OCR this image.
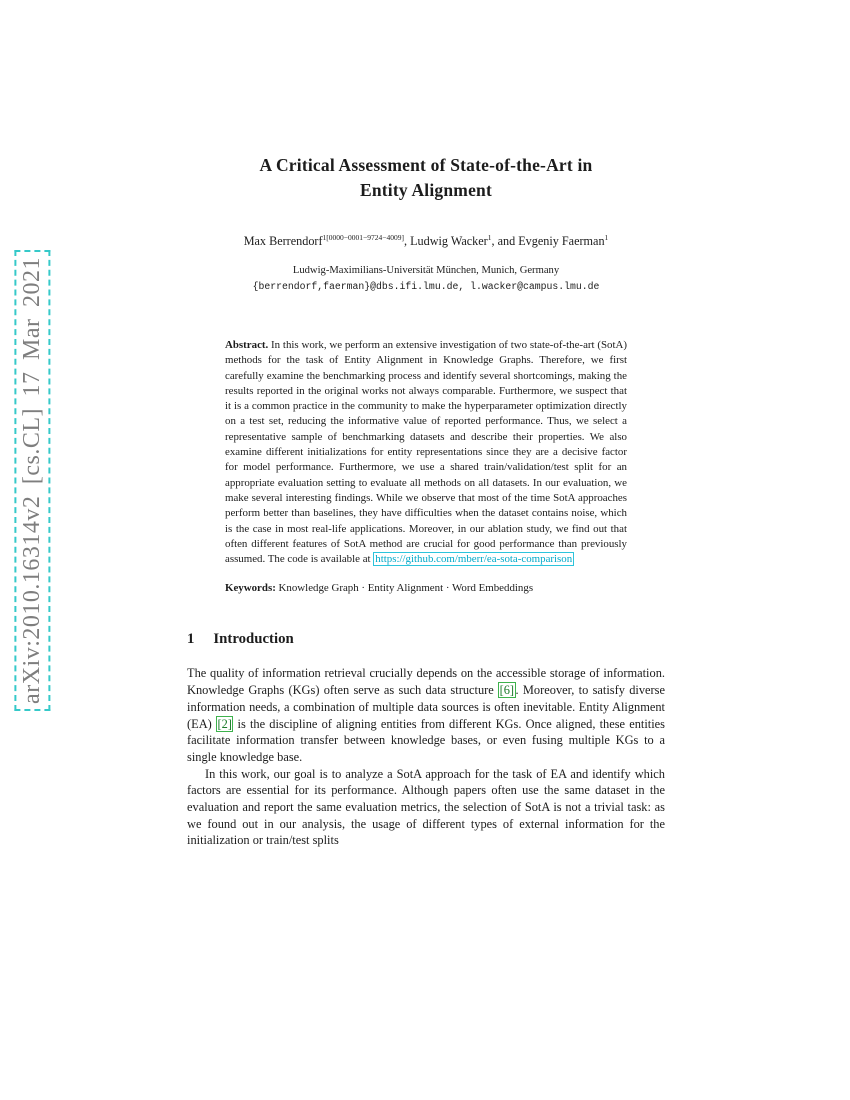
arXiv:2010.16314v2 [cs.CL] 17 Mar 2021
A Critical Assessment of State-of-the-Art in
Entity Alignment
Max Berrendorf$^{1[0000-0001-9724-4009]}$, Ludwig Wacker$^1$, and Evgeniy Faerman$^1$
Ludwig-Maximilians-Universität München, Munich, Germany
{berrendorf,faerman}@dbs.ifi.lmu.de, l.wacker@campus.lmu.de

Abstract. In this work, we perform an extensive investigation of two state-of-the-art (SotA) methods for the task of Entity Alignment in Knowledge Graphs. Therefore, we first carefully examine the benchmarking process and identify several shortcomings, making the results reported in the original works not always comparable. Furthermore, we suspect that it is a common practice in the community to make the hyperparameter optimization directly on a test set, reducing the informative value of reported performance. Thus, we select a representative sample of benchmarking datasets and describe their properties. We also examine different initializations for entity representations since they are a decisive factor for model performance. Furthermore, we use a shared train/validation/test split for an appropriate evaluation setting to evaluate all methods on all datasets. In our evaluation, we make several interesting findings. While we observe that most of the time SotA approaches perform better than baselines, they have difficulties when the dataset contains noise, which is the case in most real-life applications. Moreover, in our ablation study, we find out that often different features of SotA method are crucial for good performance than previously assumed. The code is available at https://github.com/mberr/ea-sota-comparison

Keywords: Knowledge Graph · Entity Alignment · Word Embeddings

1 Introduction

The quality of information retrieval crucially depends on the accessible storage of information. Knowledge Graphs (KGs) often serve as such data structure [6] . Moreover, to satisfy diverse information needs, a combination of multiple data sources is often inevitable. Entity Alignment (EA) [2] is the discipline of aligning entities from different KGs. Once aligned, these entities facilitate information transfer between knowledge bases, or even fusing multiple KGs to a single knowledge base.

In this work, our goal is to analyze a SotA approach for the task of EA and identify which factors are essential for its performance. Although papers often use the same dataset in the evaluation and report the same evaluation metrics, the selection of SotA is not a trivial task: as we found out in our analysis, the usage of different types of external information for the initialization or train/test splits
